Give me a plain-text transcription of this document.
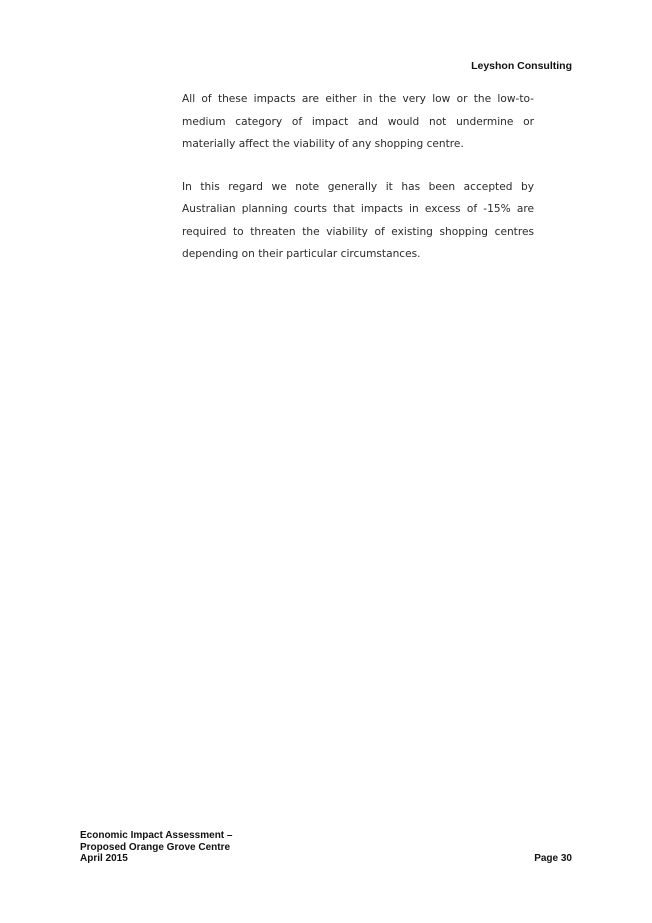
Leyshon Consulting

All of these impacts are either in the very low or the low-to-medium category of impact and would not undermine or materially affect the viability of any shopping centre.

In this regard we note generally it has been accepted by Australian planning courts that impacts in excess of -15% are required to threaten the viability of existing shopping centres depending on their particular circumstances.

Economic Impact Assessment –
Proposed Orange Grove Centre
April 2015	Page 30
